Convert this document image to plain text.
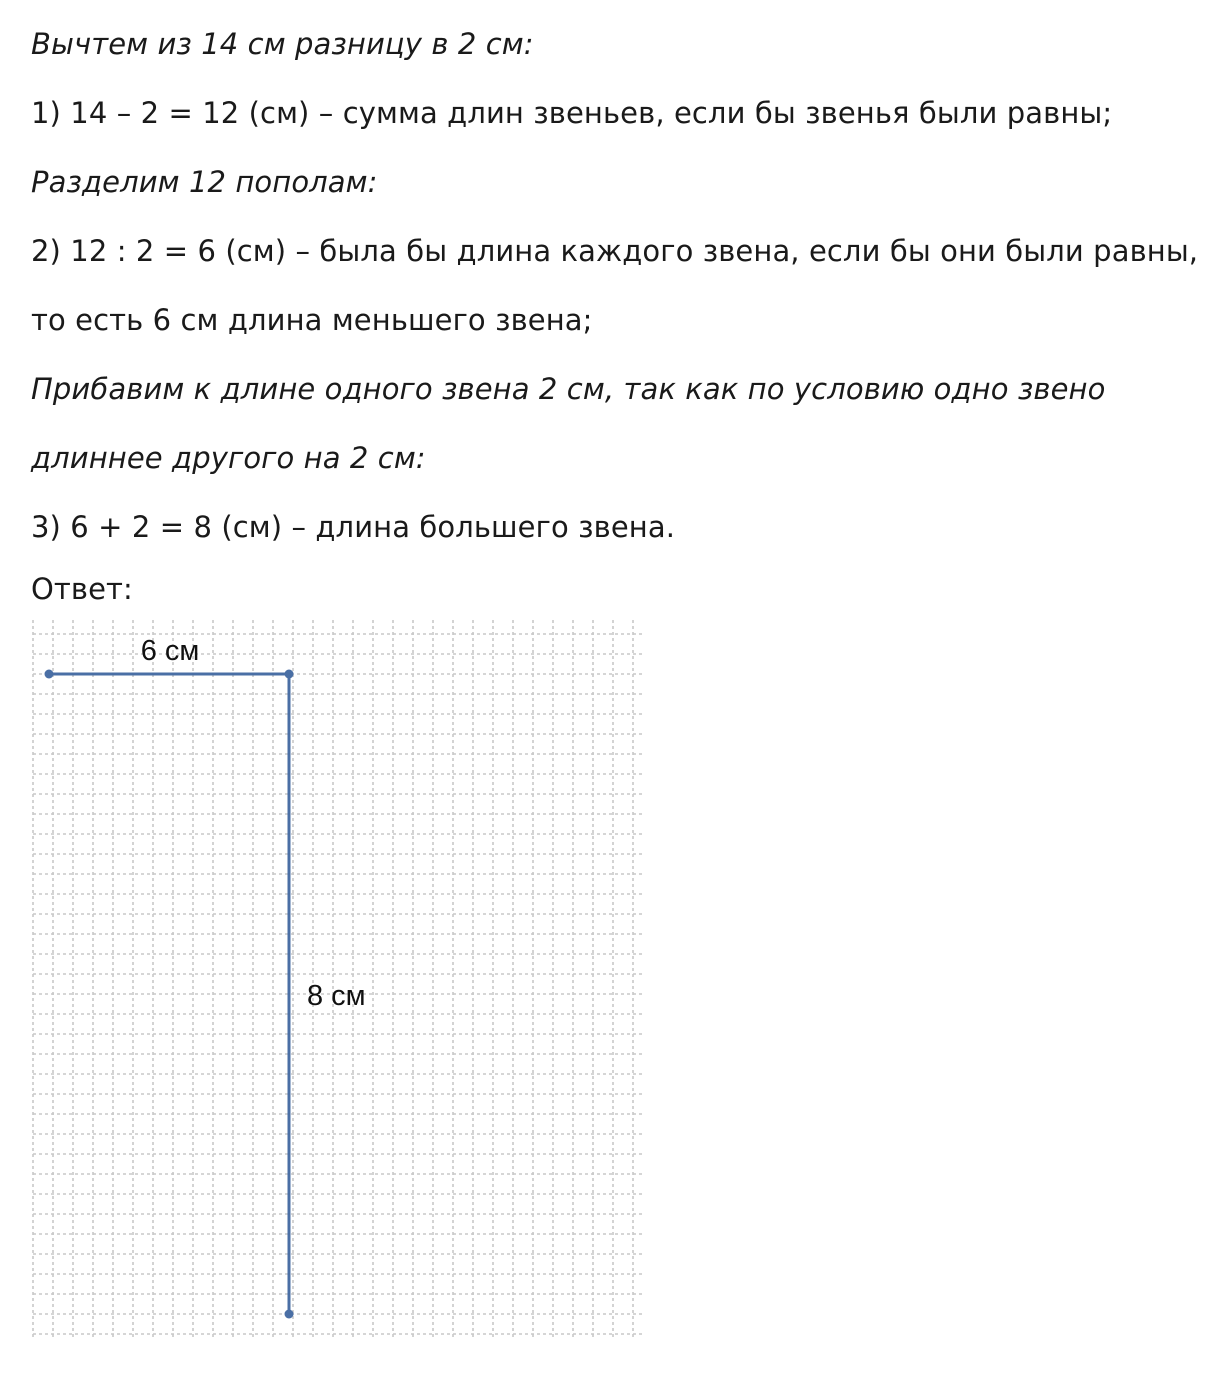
Вычтем из 14 см разницу в 2 см:
1) 14 – 2 = 12 (см) – сумма длин звеньев, если бы звенья были равны;
Разделим 12 пополам:
2) 12 : 2 = 6 (см) – была бы длина каждого звена, если бы они были равны,
то есть 6 см длина меньшего звена;
Прибавим к длине одного звена 2 см, так как по условию одно звено
длиннее другого на 2 см:
3) 6 + 2 = 8 (см) – длина большего звена.
Ответ:
6 см
8 см
